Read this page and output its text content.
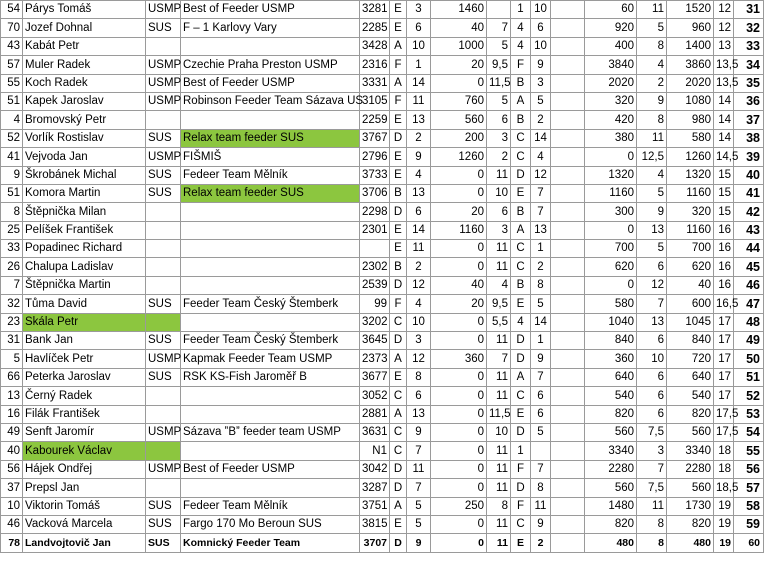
54	Párys Tomáš	USMP	Best of Feeder USMP	3281	E	3	1460		1	10		60	11	1520	12	31
70	Jozef Dohnal	SUS	F – 1 Karlovy Vary	2285	E	6	40	7	4	6		920	5	960	12	32
43	Kabát Petr			3428	A	10	1000	5	4	10		400	8	1400	13	33
57	Muler Radek	USMP	Czechie Praha Preston USMP	2316	F	1	20	9,5	F	9		3840	4	3860	13,5	34
55	Koch Radek	USMP	Best of Feeder USMP	3331	A	14	0	11,5	B	3		2020	2	2020	13,5	35
51	Kapek Jaroslav	USMP	Robinson Feeder Team Sázava US	3105	F	11	760	5	A	5		320	9	1080	14	36
4	Bromovský Petr			2259	E	13	560	6	B	2		420	8	980	14	37
52	Vorlík Rostislav	SUS	Relax team feeder SUS	3767	D	2	200	3	C	14		380	11	580	14	38
41	Vejvoda Jan	USMP	FIŠMIŠ	2796	E	9	1260	2	C	4		0	12,5	1260	14,5	39
9	Škrobánek Michal	SUS	Fedeer Team Mělník	3733	E	4	0	11	D	12		1320	4	1320	15	40
51	Komora Martin	SUS	Relax team feeder SUS	3706	B	13	0	10	E	7		1160	5	1160	15	41
8	Štěpnička Milan			2298	D	6	20	6	B	7		300	9	320	15	42
25	Pelíšek František			2301	E	14	1160	3	A	13		0	13	1160	16	43
33	Popadinec Richard				E	11	0	11	C	1		700	5	700	16	44
26	Chalupa Ladislav			2302	B	2	0	11	C	2		620	6	620	16	45
7	Štěpnička Martin			2539	D	12	40	4	B	8		0	12	40	16	46
32	Tůma David	SUS	Feeder Team Český Štemberk	99	F	4	20	9,5	E	5		580	7	600	16,5	47
23	Skála Petr			3202	C	10	0	5,5	4	14		1040	13	1045	17	48
31	Bank Jan	SUS	Feeder Team Český Štemberk	3645	D	3	0	11	D	1		840	6	840	17	49
5	Havlíček Petr	USMP	Kapmak Feeder Team USMP	2373	A	12	360	7	D	9		360	10	720	17	50
66	Peterka Jaroslav	SUS	RSK KS-Fish Jaroměř B	3677	E	8	0	11	A	7		640	6	640	17	51
13	Černý Radek			3052	C	6	0	11	C	6		540	6	540	17	52
16	Filák František			2881	A	13	0	11,5	E	6		820	6	820	17,5	53
49	Senft Jaromír	USMP	Sázava ˮBˮ feeder team USMP	3631	C	9	0	10	D	5		560	7,5	560	17,5	54
40	Kabourek Václav			N1	C	7	0	11	1			3340	3	3340	18	55
56	Hájek Ondřej	USMP	Best of Feeder USMP	3042	D	11	0	11	F	7		2280	7	2280	18	56
37	Prepsl Jan			3287	D	7	0	11	D	8		560	7,5	560	18,5	57
10	Viktorin Tomáš	SUS	Fedeer Team Mělník	3751	A	5	250	8	F	11		1480	11	1730	19	58
46	Vacková Marcela	SUS	Fargo 170 Mo Beroun SUS	3815	E	5	0	11	C	9		820	8	820	19	59
78	Landvojtovič Jan	SUS	Komnický Feeder Team	3707	D	9	0	11	E	2		480	8	480	19	60
